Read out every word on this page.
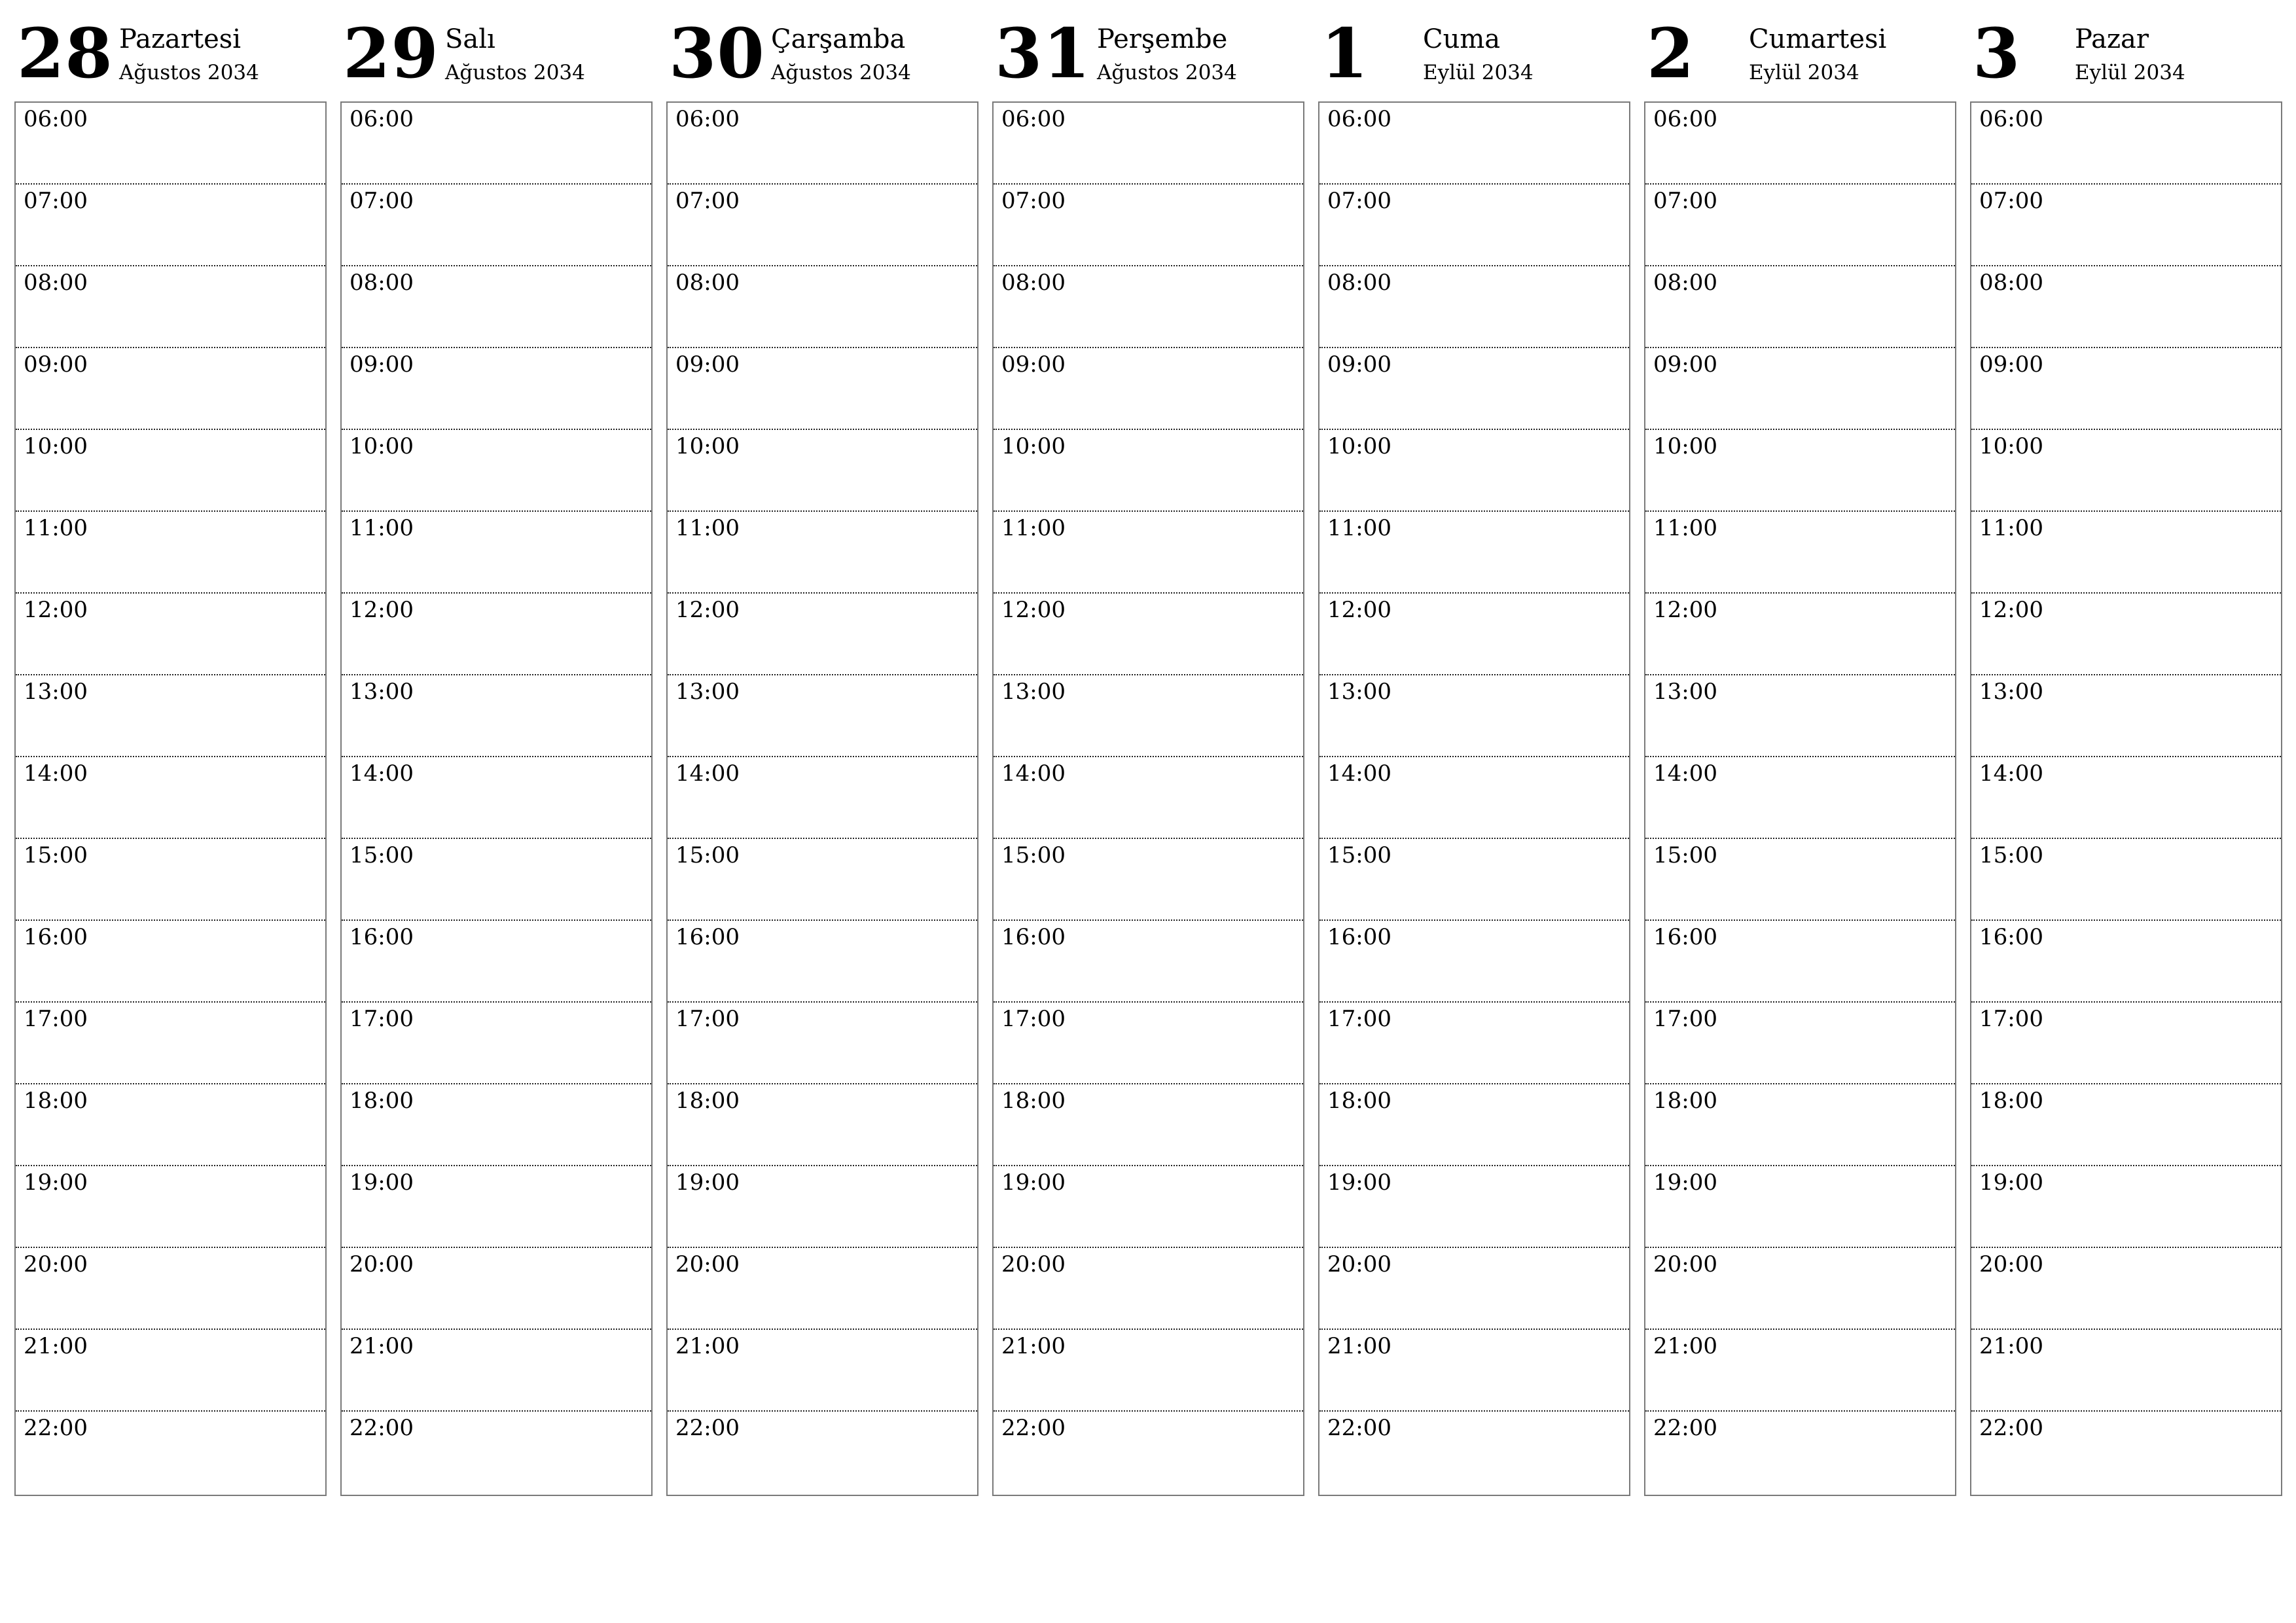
28 Pazartesi
Ağustos 2034
06:00
07:00
08:00
09:00
10:00
11:00
12:00
13:00
14:00
15:00
16:00
17:00
18:00
19:00
20:00
21:00
22:00
29 Salı
Ağustos 2034
06:00
07:00
08:00
09:00
10:00
11:00
12:00
13:00
14:00
15:00
16:00
17:00
18:00
19:00
20:00
21:00
22:00
30 Çarşamba
Ağustos 2034
06:00
07:00
08:00
09:00
10:00
11:00
12:00
13:00
14:00
15:00
16:00
17:00
18:00
19:00
20:00
21:00
22:00
31 Perşembe
Ağustos 2034
06:00
07:00
08:00
09:00
10:00
11:00
12:00
13:00
14:00
15:00
16:00
17:00
18:00
19:00
20:00
21:00
22:00
1 Cuma
Eylül 2034
06:00
07:00
08:00
09:00
10:00
11:00
12:00
13:00
14:00
15:00
16:00
17:00
18:00
19:00
20:00
21:00
22:00
2 Cumartesi
Eylül 2034
06:00
07:00
08:00
09:00
10:00
11:00
12:00
13:00
14:00
15:00
16:00
17:00
18:00
19:00
20:00
21:00
22:00
3 Pazar
Eylül 2034
06:00
07:00
08:00
09:00
10:00
11:00
12:00
13:00
14:00
15:00
16:00
17:00
18:00
19:00
20:00
21:00
22:00
